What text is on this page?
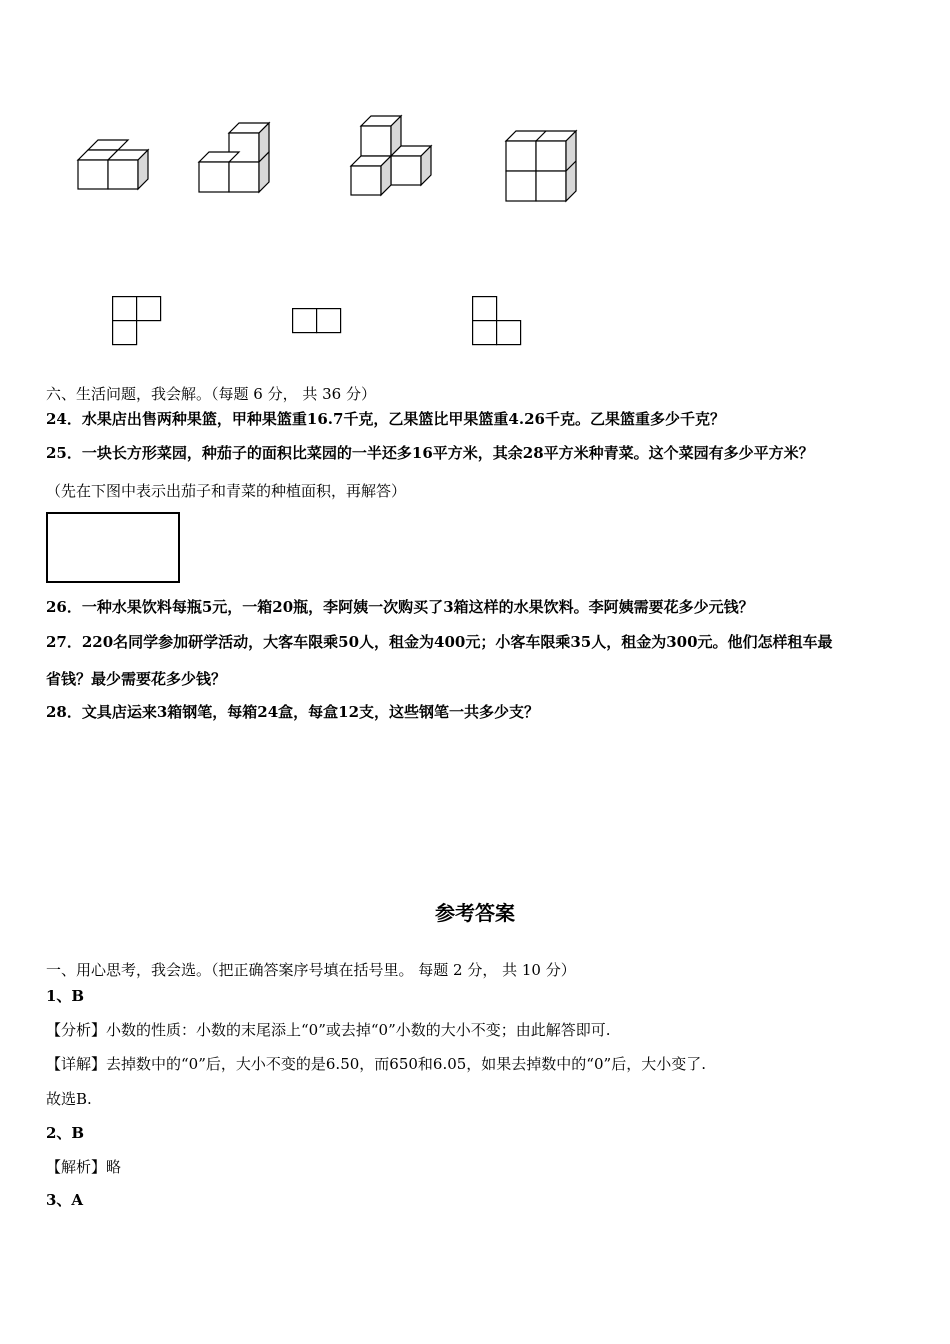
六、生活问题，我会解。（每题 6 分， 共 36 分）
24．水果店出售两种果篮，甲种果篮重16.7千克，乙果篮比甲果篮重4.26千克。乙果篮重多少千克？
25．一块长方形菜园，种茄子的面积比菜园的一半还多16平方米，其余28平方米种青菜。这个菜园有多少平方米？
（先在下图中表示出茄子和青菜的种植面积，再解答）
26．一种水果饮料每瓶5元，一箱20瓶，李阿姨一次购买了3箱这样的水果饮料。李阿姨需要花多少元钱？
27．220名同学参加研学活动，大客车限乘50人，租金为400元；小客车限乘35人，租金为300元。他们怎样租车最
省钱？最少需要花多少钱？
28．文具店运来3箱钢笔，每箱24盒，每盒12支，这些钢笔一共多少支？
参考答案
一、用心思考，我会选。（把正确答案序号填在括号里。 每题 2 分， 共 10 分）
1、B
【分析】小数的性质：小数的末尾添上“0”或去掉“0”小数的大小不变；由此解答即可.
【详解】去掉数中的“0”后，大小不变的是6.50，而650和6.05，如果去掉数中的“0”后，大小变了.
故选B.
2、B
【解析】略
3、A
